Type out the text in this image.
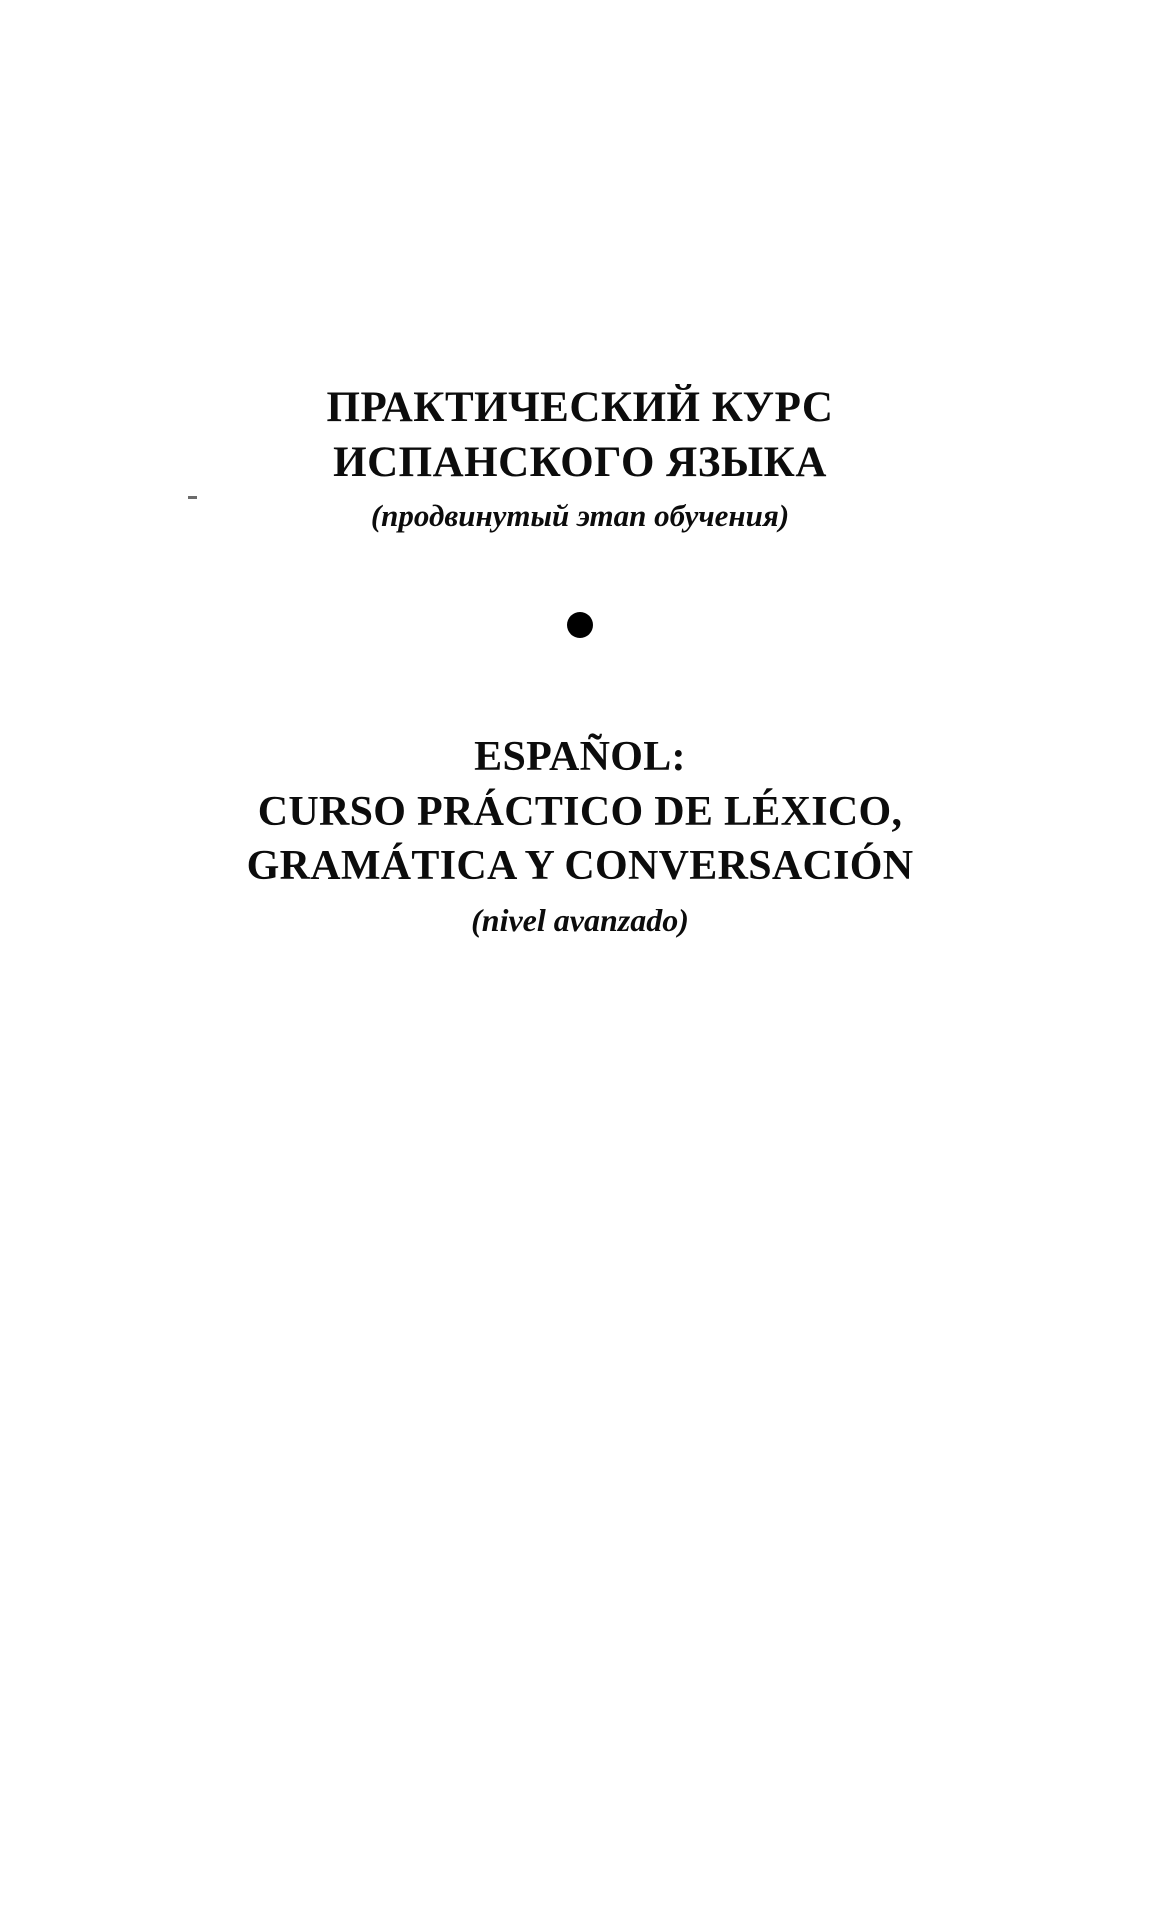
ПРАКТИЧЕСКИЙ КУРС
ИСПАНСКОГО ЯЗЫКА
(продвинутый этап обучения)
ESPAÑOL:
CURSO PRÁCTICO DE LÉXICO,
GRAMÁTICA Y CONVERSACIÓN
(nivel avanzado)
